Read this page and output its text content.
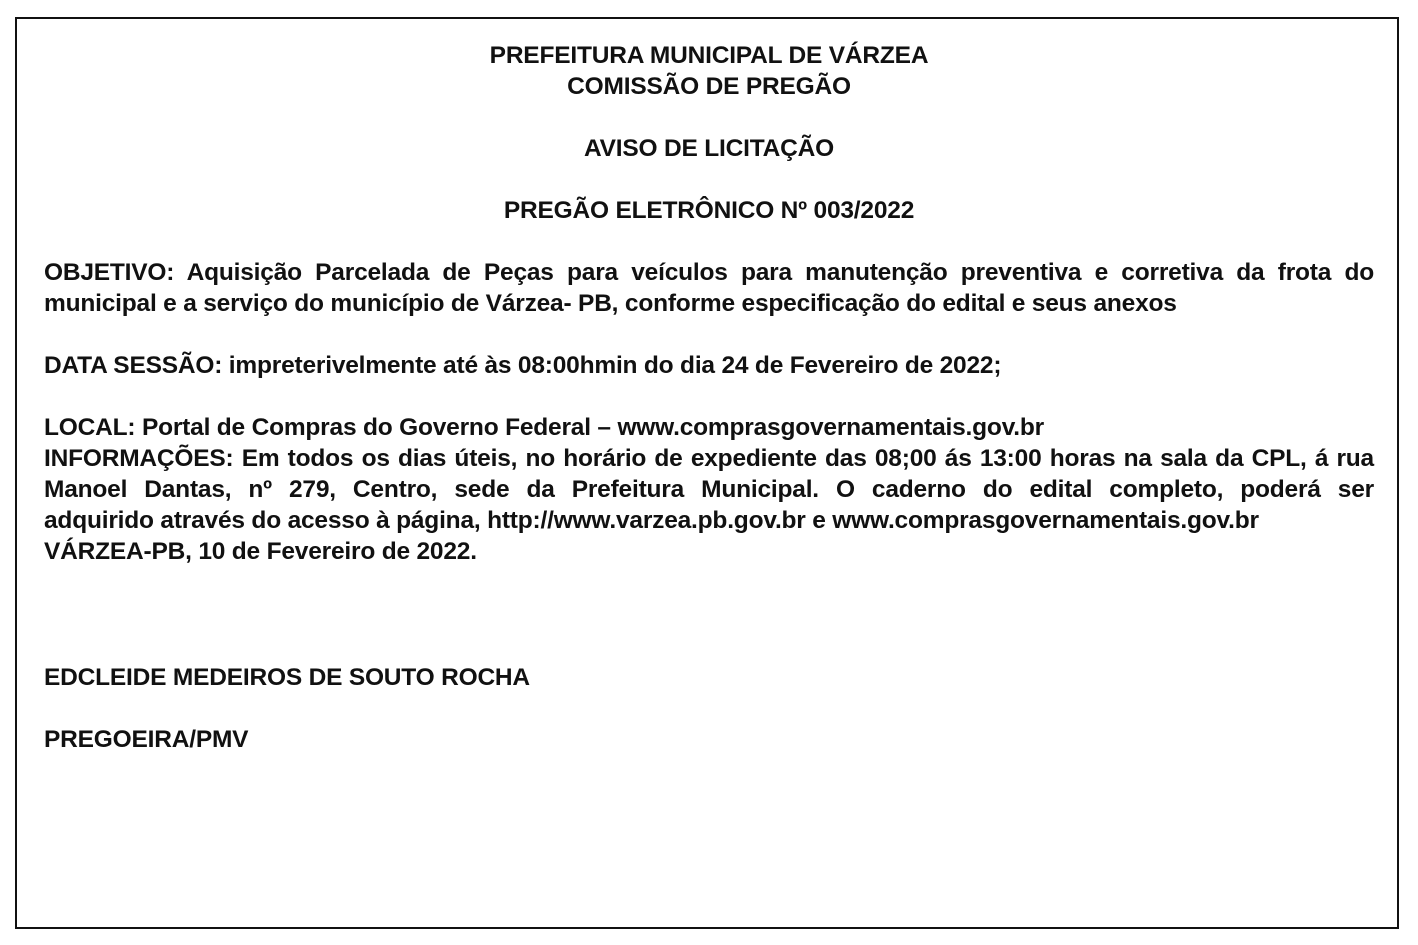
PREFEITURA MUNICIPAL DE VÁRZEA
COMISSÃO DE PREGÃO
AVISO DE LICITAÇÃO
PREGÃO ELETRÔNICO Nº 003/2022
OBJETIVO: Aquisição Parcelada de Peças para veículos para manutenção preventiva e corretiva da frota do
municipal e a serviço do município de Várzea- PB, conforme especificação do edital e seus anexos
DATA SESSÃO: impreterivelmente até às 08:00hmin do dia 24 de Fevereiro de 2022;
LOCAL: Portal de Compras do Governo Federal – www.comprasgovernamentais.gov.br
INFORMAÇÕES: Em todos os dias úteis, no horário de expediente das 08;00 ás 13:00 horas na sala da CPL, á rua
Manoel Dantas, nº 279, Centro, sede da Prefeitura Municipal. O caderno do edital completo, poderá ser
adquirido através do acesso à página, http://www.varzea.pb.gov.br e www.comprasgovernamentais.gov.br
VÁRZEA-PB, 10 de Fevereiro de 2022.
EDCLEIDE MEDEIROS DE SOUTO ROCHA
PREGOEIRA/PMV
